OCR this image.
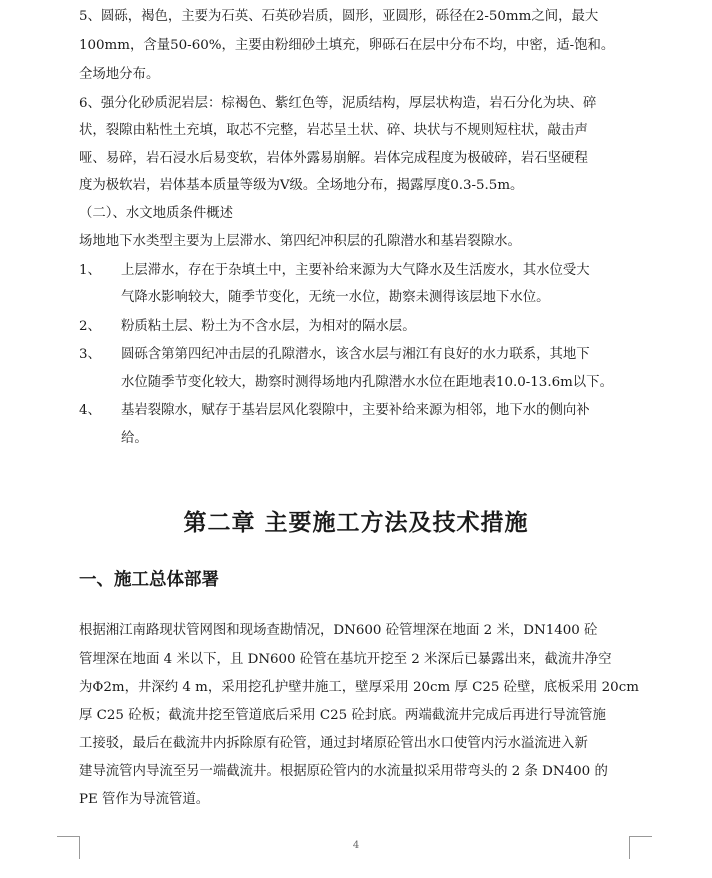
5、圆砾，褐色，主要为石英、石英砂岩质，圆形，亚圆形，砾径在2-50mm之间，最大
100mm，含量50-60%，主要由粉细砂土填充，卵砾石在层中分布不均，中密，适-饱和。
全场地分布。
6、强分化砂质泥岩层：棕褐色、紫红色等，泥质结构，厚层状构造，岩石分化为块、碎
状，裂隙由粘性土充填，取芯不完整，岩芯呈土状、碎、块状与不规则短柱状，敲击声
哑、易碎，岩石浸水后易变软，岩体外露易崩解。岩体完成程度为极破碎，岩石坚硬程
度为极软岩，岩体基本质量等级为V级。全场地分布，揭露厚度0.3-5.5m。
（二）、水文地质条件概述
场地地下水类型主要为上层滞水、第四纪冲积层的孔隙潜水和基岩裂隙水。
1、 上层滞水，存在于杂填土中，主要补给来源为大气降水及生活废水，其水位受大
气降水影响较大，随季节变化，无统一水位，勘察未测得该层地下水位。
2、 粉质粘土层、粉土为不含水层，为相对的隔水层。
3、 圆砾含第第四纪冲击层的孔隙潜水，该含水层与湘江有良好的水力联系，其地下
水位随季节变化较大，勘察时测得场地内孔隙潜水水位在距地表10.0-13.6m以下。
4、 基岩裂隙水，赋存于基岩层风化裂隙中，主要补给来源为相邻，地下水的侧向补
给。
第二章 主要施工方法及技术措施
一、施工总体部署
根据湘江南路现状管网图和现场查勘情况，DN600 砼管埋深在地面 2 米，DN1400 砼
管埋深在地面 4 米以下，且 DN600 砼管在基坑开挖至 2 米深后已暴露出来，截流井净空
为Φ2m，井深约 4 m，采用挖孔护壁井施工，壁厚采用 20cm 厚 C25 砼壁，底板采用 20cm
厚 C25 砼板；截流井挖至管道底后采用 C25 砼封底。两端截流井完成后再进行导流管施
工接驳，最后在截流井内拆除原有砼管，通过封堵原砼管出水口使管内污水溢流进入新
建导流管内导流至另一端截流井。根据原砼管内的水流量拟采用带弯头的 2 条 DN400 的
PE 管作为导流管道。
4
